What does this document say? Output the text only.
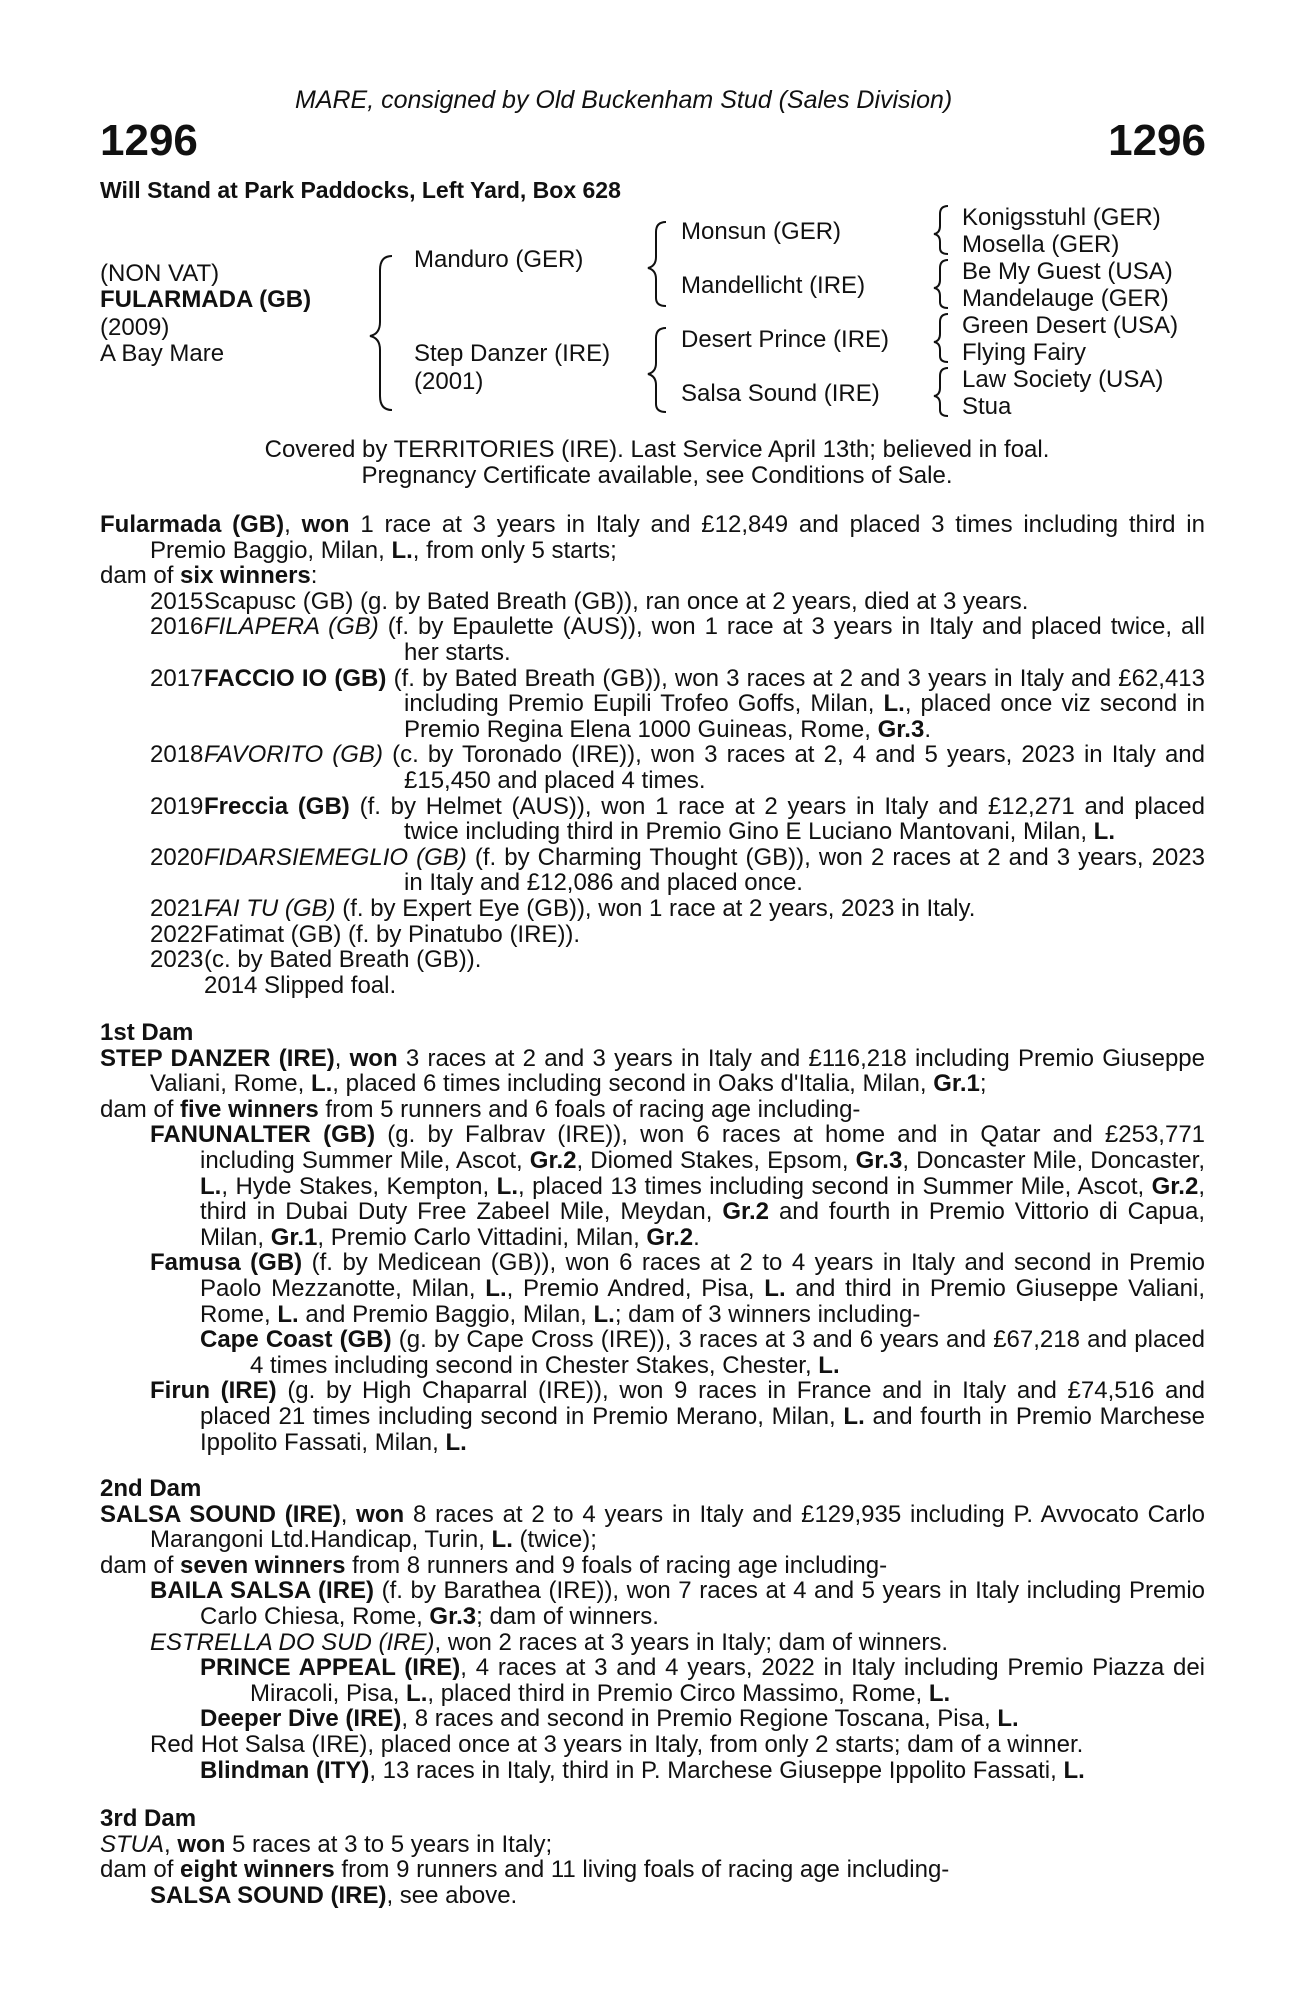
MARE, consigned by Old Buckenham Stud (Sales Division)
1296	1296
Will Stand at Park Paddocks, Left Yard, Box 628
(NON VAT)
FULARMADA (GB)
(2009)
A Bay Mare
Manduro (GER)
Step Danzer (IRE)
(2001)
Monsun (GER)
Mandellicht (IRE)
Desert Prince (IRE)
Salsa Sound (IRE)
Konigsstuhl (GER)
Mosella (GER)
Be My Guest (USA)
Mandelauge (GER)
Green Desert (USA)
Flying Fairy
Law Society (USA)
Stua
Covered by TERRITORIES (IRE). Last Service April 13th; believed in foal.
Pregnancy Certificate available, see Conditions of Sale.

Fularmada (GB), won 1 race at 3 years in Italy and £12,849 and placed 3 times including third in Premio Baggio, Milan, L., from only 5 starts;

dam of six winners:

2015Scapusc (GB) (g. by Bated Breath (GB)), ran once at 2 years, died at 3 years.

2016FILAPERA (GB) (f. by Epaulette (AUS)), won 1 race at 3 years in Italy and placed twice, all her starts.

2017FACCIO IO (GB) (f. by Bated Breath (GB)), won 3 races at 2 and 3 years in Italy and £62,413 including Premio Eupili Trofeo Goffs, Milan, L., placed once viz second in Premio Regina Elena 1000 Guineas, Rome, Gr.3.

2018FAVORITO (GB) (c. by Toronado (IRE)), won 3 races at 2, 4 and 5 years, 2023 in Italy and £15,450 and placed 4 times.

2019Freccia (GB) (f. by Helmet (AUS)), won 1 race at 2 years in Italy and £12,271 and placed twice including third in Premio Gino E Luciano Mantovani, Milan, L.

2020FIDARSIEMEGLIO (GB) (f. by Charming Thought (GB)), won 2 races at 2 and 3 years, 2023 in Italy and £12,086 and placed once.

2021FAI TU (GB) (f. by Expert Eye (GB)), won 1 race at 2 years, 2023 in Italy.

2022Fatimat (GB) (f. by Pinatubo (IRE)).

2023(c. by Bated Breath (GB)).

2014 Slipped foal.

1st Dam

STEP DANZER (IRE), won 3 races at 2 and 3 years in Italy and £116,218 including Premio Giuseppe Valiani, Rome, L., placed 6 times including second in Oaks d'Italia, Milan, Gr.1;

dam of five winners from 5 runners and 6 foals of racing age including-

FANUNALTER (GB) (g. by Falbrav (IRE)), won 6 races at home and in Qatar and £253,771 including Summer Mile, Ascot, Gr.2, Diomed Stakes, Epsom, Gr.3, Doncaster Mile, Doncaster, L., Hyde Stakes, Kempton, L., placed 13 times including second in Summer Mile, Ascot, Gr.2, third in Dubai Duty Free Zabeel Mile, Meydan, Gr.2 and fourth in Premio Vittorio di Capua, Milan, Gr.1, Premio Carlo Vittadini, Milan, Gr.2.

Famusa (GB) (f. by Medicean (GB)), won 6 races at 2 to 4 years in Italy and second in Premio Paolo Mezzanotte, Milan, L., Premio Andred, Pisa, L. and third in Premio Giuseppe Valiani, Rome, L. and Premio Baggio, Milan, L.; dam of 3 winners including-

Cape Coast (GB) (g. by Cape Cross (IRE)), 3 races at 3 and 6 years and £67,218 and placed 4 times including second in Chester Stakes, Chester, L.

Firun (IRE) (g. by High Chaparral (IRE)), won 9 races in France and in Italy and £74,516 and placed 21 times including second in Premio Merano, Milan, L. and fourth in Premio Marchese Ippolito Fassati, Milan, L.

2nd Dam

SALSA SOUND (IRE), won 8 races at 2 to 4 years in Italy and £129,935 including P. Avvocato Carlo Marangoni Ltd.Handicap, Turin, L. (twice);

dam of seven winners from 8 runners and 9 foals of racing age including-

BAILA SALSA (IRE) (f. by Barathea (IRE)), won 7 races at 4 and 5 years in Italy including Premio Carlo Chiesa, Rome, Gr.3; dam of winners.

ESTRELLA DO SUD (IRE), won 2 races at 3 years in Italy; dam of winners.

PRINCE APPEAL (IRE), 4 races at 3 and 4 years, 2022 in Italy including Premio Piazza dei Miracoli, Pisa, L., placed third in Premio Circo Massimo, Rome, L.

Deeper Dive (IRE), 8 races and second in Premio Regione Toscana, Pisa, L.

Red Hot Salsa (IRE), placed once at 3 years in Italy, from only 2 starts; dam of a winner.

Blindman (ITY), 13 races in Italy, third in P. Marchese Giuseppe Ippolito Fassati, L.

3rd Dam

STUA, won 5 races at 3 to 5 years in Italy;

dam of eight winners from 9 runners and 11 living foals of racing age including-

SALSA SOUND (IRE), see above.
